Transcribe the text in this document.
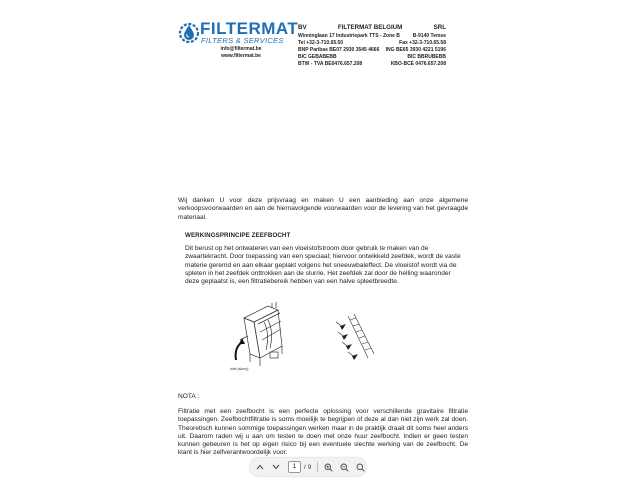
FILTERMAT
FILTERS & SERVICES
info@filtermat.be
www.filtermat.be
BV	FILTERMAT BELGIUM	SRL
Winninglaan 17 Industriepark TTS - Zone B	B-9140 Temse
Tel +32-3-710.65.50	Fax +32-3-710.65.58
BNP Paribas BE07 2930 3545 4666 ING BE65 3930 4221 5196
BIC GEBABEBB	BIC BBRUBEBB
BTW - TVA BE0476.657.208	KBO-BCE 0476.657.208
Wij danken U voor deze prijsvraag en maken U een aanbieding aan onze algemene verkoopsvoorwaarden en aan de hiernavolgende voorwaarden voor de levering van het gevraagde materiaal.
WERKINGSPRINCIPE ZEEFBOCHT
Dit berust op het ontwateren van een vloeistofstroom door gebruik te maken van de zwaartekracht. Door toepassing van een speciaal; hiervoor ontwikkeld zeefdek, wordt de vaste materie geremd en aan elkaar geplakt volgens het sneeuwbaleffect. De vloeistof wordt via de spleten in het zeefdek onttrokken aan de slurrie. Het zeefdek zal door de helling waaronder deze geplaatst is, een filtratiebereik hebben van een halve spleetbreedte.
Inlet (slurry)
NOTA :
Filtratie met een zeefbocht is een perfecte oplossing voor verschillende gravitaire filtratie toepassingen. Zeefbochtfiltratie is soms moeilijk te begrijpen of deze al dan niet zijn werk zal doen. Theoretisch kunnen sommige toepassingen werken maar in de praktijk draait dit soms heel anders uit. Daarom raden wij u aan om testen te doen met onze huur zeefbocht. Indien er geen testen kunnen gebeuren is het op eigen risico bij een eventuele slechte werking van de zeefbocht. De klant is hier zelfverantwoordelijk voor.
1
/ 9
